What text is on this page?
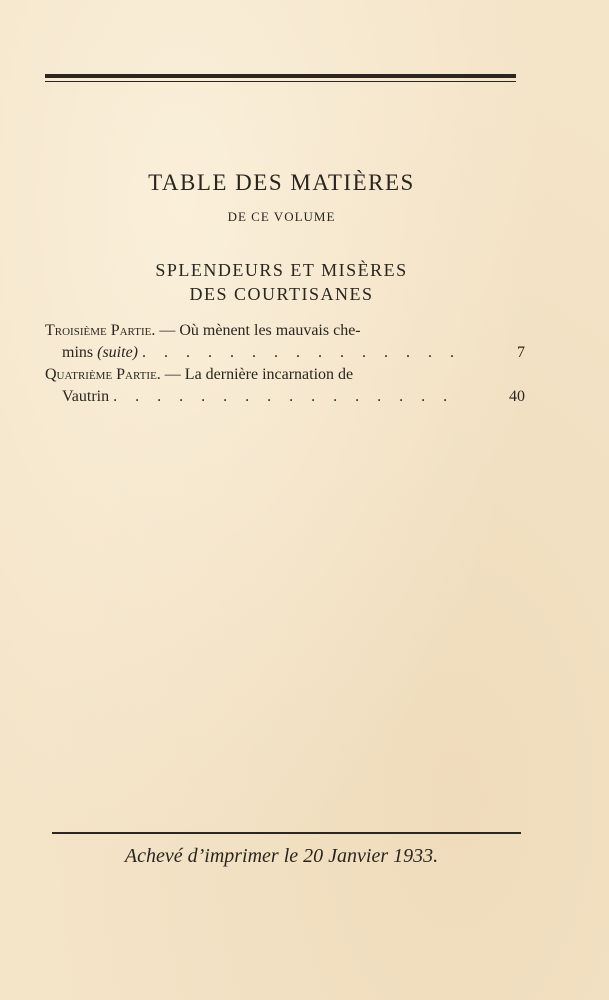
TABLE DES MATIÈRES
DE CE VOLUME
SPLENDEURS ET MISÈRES
DES COURTISANES
Troisième Partie. — Où mènent les mauvais che-
mins (suite) . . . . . . . . . . . . . . .	7
Quatrième Partie. — La dernière incarnation de
Vautrin . . . . . . . . . . . . . . . .	40
Achevé d’imprimer le 20 Janvier 1933.
